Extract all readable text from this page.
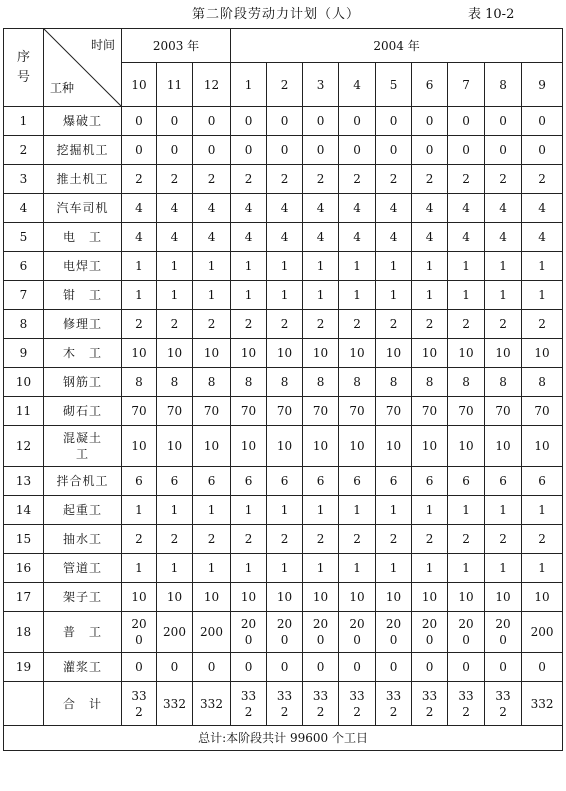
第二阶段劳动力计划（人）	表 10-2
序号	时间
工种	2003 年			2004 年								
		10	11	12	1	2	3	4	5	6	7	8	9
1	爆破工	0	0	0	0	0	0	0	0	0	0	0	0
2	挖掘机工	0	0	0	0	0	0	0	0	0	0	0	0
3	推土机工	2	2	2	2	2	2	2	2	2	2	2	2
4	汽车司机	4	4	4	4	4	4	4	4	4	4	4	4
5	电　工	4	4	4	4	4	4	4	4	4	4	4	4
6	电焊工	1	1	1	1	1	1	1	1	1	1	1	1
7	钳　工	1	1	1	1	1	1	1	1	1	1	1	1
8	修理工	2	2	2	2	2	2	2	2	2	2	2	2
9	木　工	10	10	10	10	10	10	10	10	10	10	10	10
10	钢筋工	8	8	8	8	8	8	8	8	8	8	8	8
11	砌石工	70	70	70	70	70	70	70	70	70	70	70	70
12	混凝土工	10	10	10	10	10	10	10	10	10	10	10	10
13	拌合机工	6	6	6	6	6	6	6	6	6	6	6	6
14	起重工	1	1	1	1	1	1	1	1	1	1	1	1
15	抽水工	2	2	2	2	2	2	2	2	2	2	2	2
16	管道工	1	1	1	1	1	1	1	1	1	1	1	1
17	架子工	10	10	10	10	10	10	10	10	10	10	10	10
18	普　工	200	200	200	200	200	200	200	200	200	200	200	200
19	灌浆工	0	0	0	0	0	0	0	0	0	0	0	0
	合　计	332	332	332	332	332	332	332	332	332	332	332	332
总计:本阶段共计 99600 个工日													
